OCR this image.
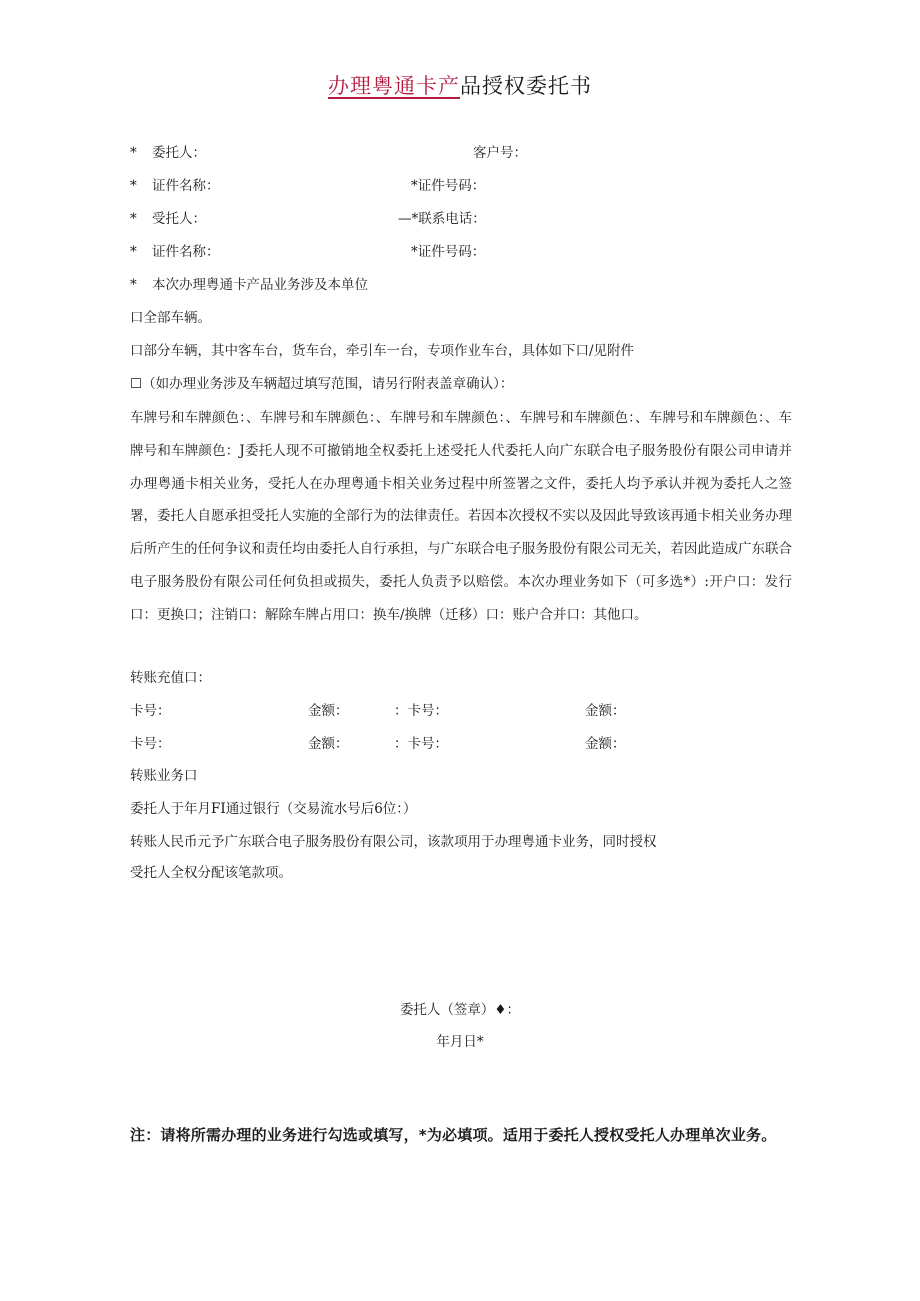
办理粤通卡产品授权委托书
* 委托人：	客户号：
* 证件名称：	*证件号码：
* 受托人：	—*联系电话：
* 证件名称：	*证件号码：
* 本次办理粤通卡产品业务涉及本单位
口全部车辆。
口部分车辆，其中客车台，货车台，牵引车一台，专项作业车台，具体如下口/见附件
☐（如办理业务涉及车辆超过填写范围，请另行附表盖章确认）：
车牌号和车牌颜色：、车牌号和车牌颜色：、车牌号和车牌颜色：、车牌号和车牌颜色：、车牌号和车牌颜色：、车牌号和车牌颜色：J委托人现不可撤销地全权委托上述受托人代委托人向广东联合电子服务股份有限公司申请并办理粤通卡相关业务，受托人在办理粤通卡相关业务过程中所签署之文件，委托人均予承认并视为委托人之签署，委托人自愿承担受托人实施的全部行为的法律责任。若因本次授权不实以及因此导致该再通卡相关业务办理后所产生的任何争议和责任均由委托人自行承担，与广东联合电子服务股份有限公司无关，若因此造成广东联合电子服务股份有限公司任何负担或损失，委托人负责予以赔偿。本次办理业务如下（可多选*）:开户口：发行口：更换口；注销口：解除车牌占用口：换车/换牌（迁移）口：账户合并口：其他口。
转账充值口：
卡号：	金额：	：卡号：	金额：
卡号：	金额：	：卡号：	金额：
转账业务口
委托人于年月FI通过银行（交易流水号后6位：）
转账人民币元予广东联合电子服务股份有限公司，该款项用于办理粤通卡业务，同时授权
受托人全权分配该笔款项。
委托人（签章）♦：
年月日*
注：请将所需办理的业务进行勾选或填写，*为必填项。适用于委托人授权受托人办理单次业务。
